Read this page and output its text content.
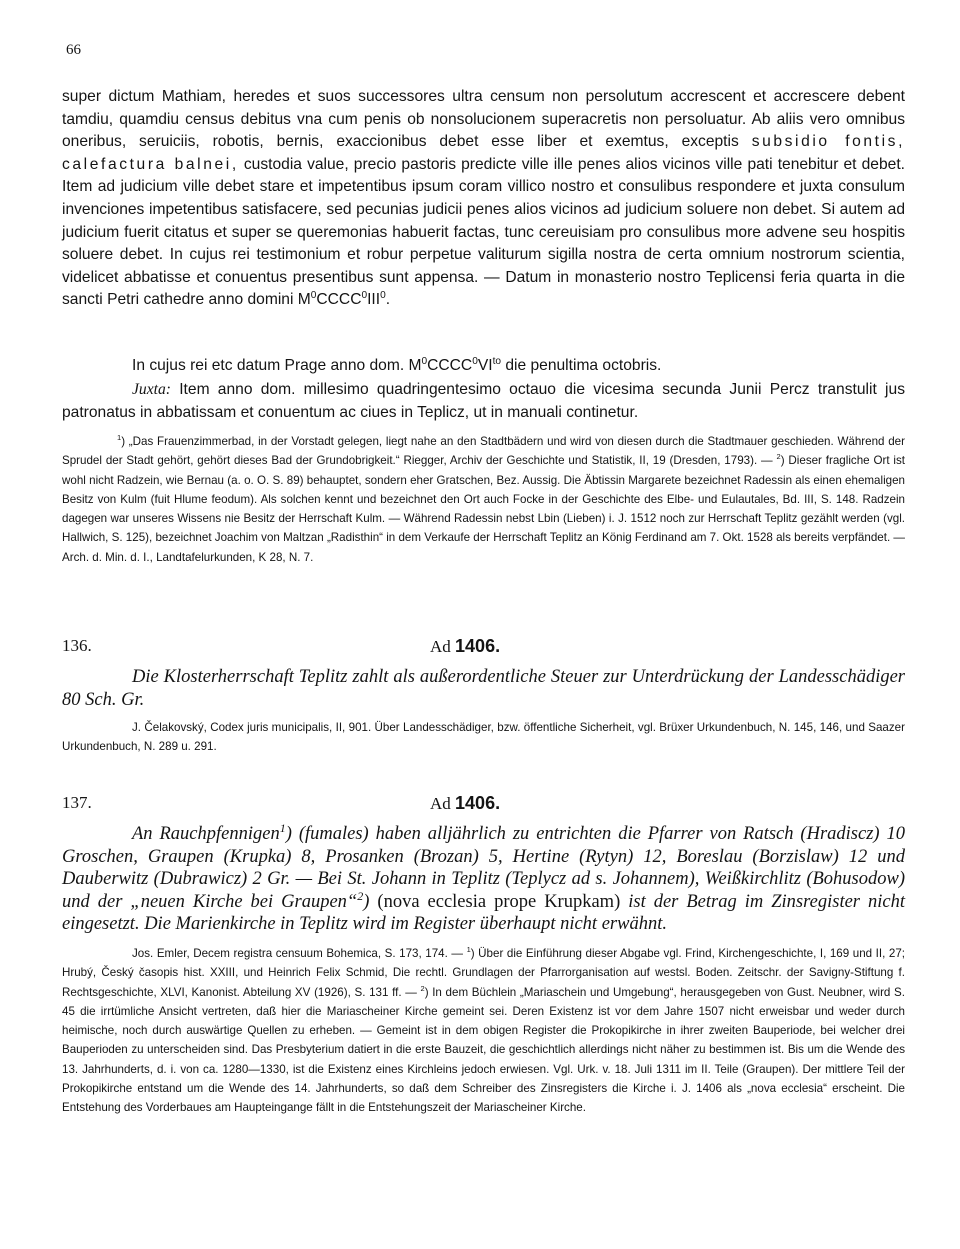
66

super dictum Mathiam, heredes et suos successores ultra censum non persolutum accrescent et accrescere debent tamdiu, quamdiu census debitus vna cum penis ob nonsolucionem superacretis non persoluatur. Ab aliis vero omnibus oneribus, seruiciis, robotis, bernis, exaccionibus debet esse liber et exemtus, exceptis subsidio fontis, calefactura balnei, custodia value, precio pastoris predicte ville ille penes alios vicinos ville pati tenebitur et debet. Item ad judicium ville debet stare et impetentibus ipsum coram villico nostro et consulibus respondere et juxta consulum invenciones impetentibus satisfacere, sed pecunias judicii penes alios vicinos ad judicium soluere non debet. Si autem ad judicium fuerit citatus et super se queremonias habuerit factas, tunc cereuisiam pro consulibus more advene seu hospitis soluere debet. In cujus rei testimonium et robur perpetue valiturum sigilla nostra de certa omnium nostrorum scientia, videlicet abbatisse et conuentus presentibus sunt appensa. — Datum in monasterio nostro Teplicensi feria quarta in die sancti Petri cathedre anno domini $M^0CCCC^0III^0$.

In cujus rei etc datum Prage anno dom. $M^0CCCC^0VI^{to}$ die penultima octobris.

Juxta: Item anno dom. millesimo quadringentesimo octauo die vicesima secunda Junii Percz transtulit jus patronatus in abbatissam et conuentum ac ciues in Teplicz, ut in manuali continetur.

$^1$) „Das Frauenzimmerbad, in der Vorstadt gelegen, liegt nahe an den Stadtbädern und wird von diesen durch die Stadtmauer geschieden. Während der Sprudel der Stadt gehört, gehört dieses Bad der Grundobrigkeit.“ Riegger, Archiv der Geschichte und Statistik, II, 19 (Dresden, 1793). — $^2$) Dieser fragliche Ort ist wohl nicht Radzein, wie Bernau (a. o. O. S. 89) behauptet, sondern eher Gratschen, Bez. Aussig. Die Äbtissin Margarete bezeichnet Radessin als einen ehemaligen Besitz von Kulm (fuit Hlume feodum). Als solchen kennt und bezeichnet den Ort auch Focke in der Geschichte des Elbe- und Eulautales, Bd. III, S. 148. Radzein dagegen war unseres Wissens nie Besitz der Herrschaft Kulm. — Während Radessin nebst Lbin (Lieben) i. J. 1512 noch zur Herrschaft Teplitz gezählt werden (vgl. Hallwich, S. 125), bezeichnet Joachim von Maltzan „Radisthin“ in dem Verkaufe der Herrschaft Teplitz an König Ferdinand am 7. Okt. 1528 als bereits verpfändet. — Arch. d. Min. d. I., Landtafelurkunden, K 28, N. 7.

136.	Ad 1406.

Die Klosterherrschaft Teplitz zahlt als außerordentliche Steuer zur Unterdrückung der Landesschädiger 80 Sch. Gr.

J. Čelakovský, Codex juris municipalis, II, 901. Über Landesschädiger, bzw. öffentliche Sicherheit, vgl. Brüxer Urkundenbuch, N. 145, 146, und Saazer Urkundenbuch, N. 289 u. 291.

137.	Ad 1406.

An Rauchpfennigen$^1$) (fumales) haben alljährlich zu entrichten die Pfarrer von Ratsch (Hradiscz) 10 Groschen, Graupen (Krupka) 8, Prosanken (Brozan) 5, Hertine (Rytyn) 12, Boreslau (Borzislaw) 12 und Dauberwitz (Dubrawicz) 2 Gr. — Bei St. Johann in Teplitz (Teplycz ad s. Johannem), Weißkirchlitz (Bohusodow) und der „neuen Kirche bei Graupen“$^2$) (nova ecclesia prope Krupkam) ist der Betrag im Zinsregister nicht eingesetzt. Die Marienkirche in Teplitz wird im Register überhaupt nicht erwähnt.

Jos. Emler, Decem registra censuum Bohemica, S. 173, 174. — $^1$) Über die Einführung dieser Abgabe vgl. Frind, Kirchengeschichte, I, 169 und II, 27; Hrubý, Český časopis hist. XXIII, und Heinrich Felix Schmid, Die rechtl. Grundlagen der Pfarrorganisation auf westsl. Boden. Zeitschr. der Savigny-Stiftung f. Rechtsgeschichte, XLVI, Kanonist. Abteilung XV (1926), S. 131 ff. — $^2$) In dem Büchlein „Mariaschein und Umgebung“, herausgegeben von Gust. Neubner, wird S. 45 die irrtümliche Ansicht vertreten, daß hier die Mariascheiner Kirche gemeint sei. Deren Existenz ist vor dem Jahre 1507 nicht erweisbar und weder durch heimische, noch durch auswärtige Quellen zu erheben. — Gemeint ist in dem obigen Register die Prokopikirche in ihrer zweiten Bauperiode, bei welcher drei Bauperioden zu unterscheiden sind. Das Presbyterium datiert in die erste Bauzeit, die geschichtlich allerdings nicht näher zu bestimmen ist. Bis um die Wende des 13. Jahrhunderts, d. i. von ca. 1280—1330, ist die Existenz eines Kirchleins jedoch erwiesen. Vgl. Urk. v. 18. Juli 1311 im II. Teile (Graupen). Der mittlere Teil der Prokopikirche entstand um die Wende des 14. Jahrhunderts, so daß dem Schreiber des Zinsregisters die Kirche i. J. 1406 als „nova ecclesia“ erscheint. Die Entstehung des Vorderbaues am Haupteingange fällt in die Entstehungszeit der Mariascheiner Kirche.
